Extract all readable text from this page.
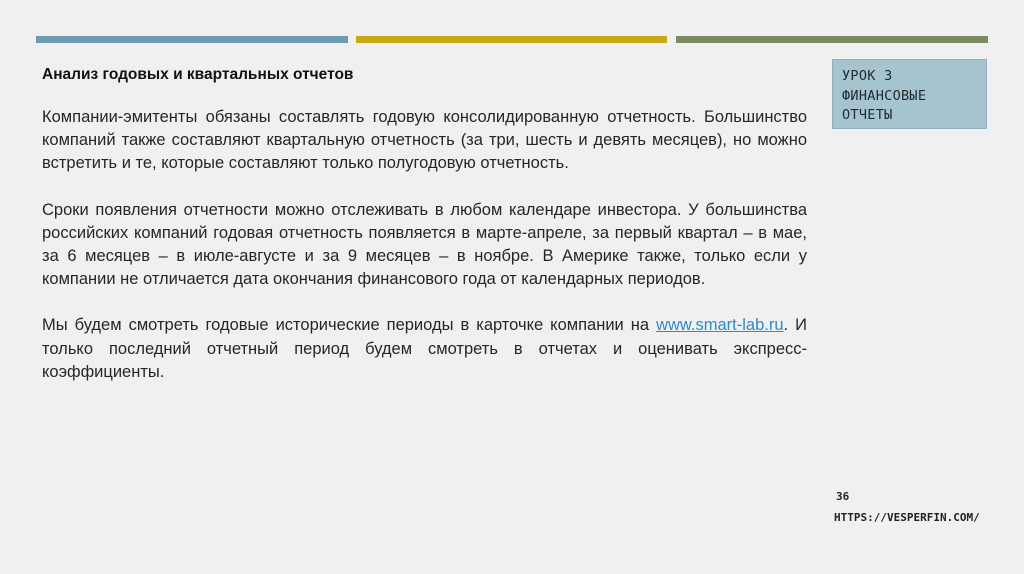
Анализ годовых и квартальных отчетов

Компании-эмитенты обязаны составлять годовую консолидированную отчетность. Большинство компаний также составляют квартальную отчетность (за три, шесть и девять месяцев), но можно встретить и те, которые составляют только полугодовую отчетность.

Сроки появления отчетности можно отслеживать в любом календаре инвестора. У большинства российских компаний годовая отчетность появляется в марте-апреле, за первый квартал – в мае, за 6 месяцев – в июле-августе и за 9 месяцев – в ноябре. В Америке также, только если у компании не отличается дата окончания финансового года от календарных периодов.

Мы будем смотреть годовые исторические периоды в карточке компании на www.smart-lab.ru. И только последний отчетный период будем смотреть в отчетах и оценивать экспресс-коэффициенты.

УРОК 3
ФИНАНСОВЫЕ
ОТЧЕТЫ
36
HTTPS://VESPERFIN.COM/
